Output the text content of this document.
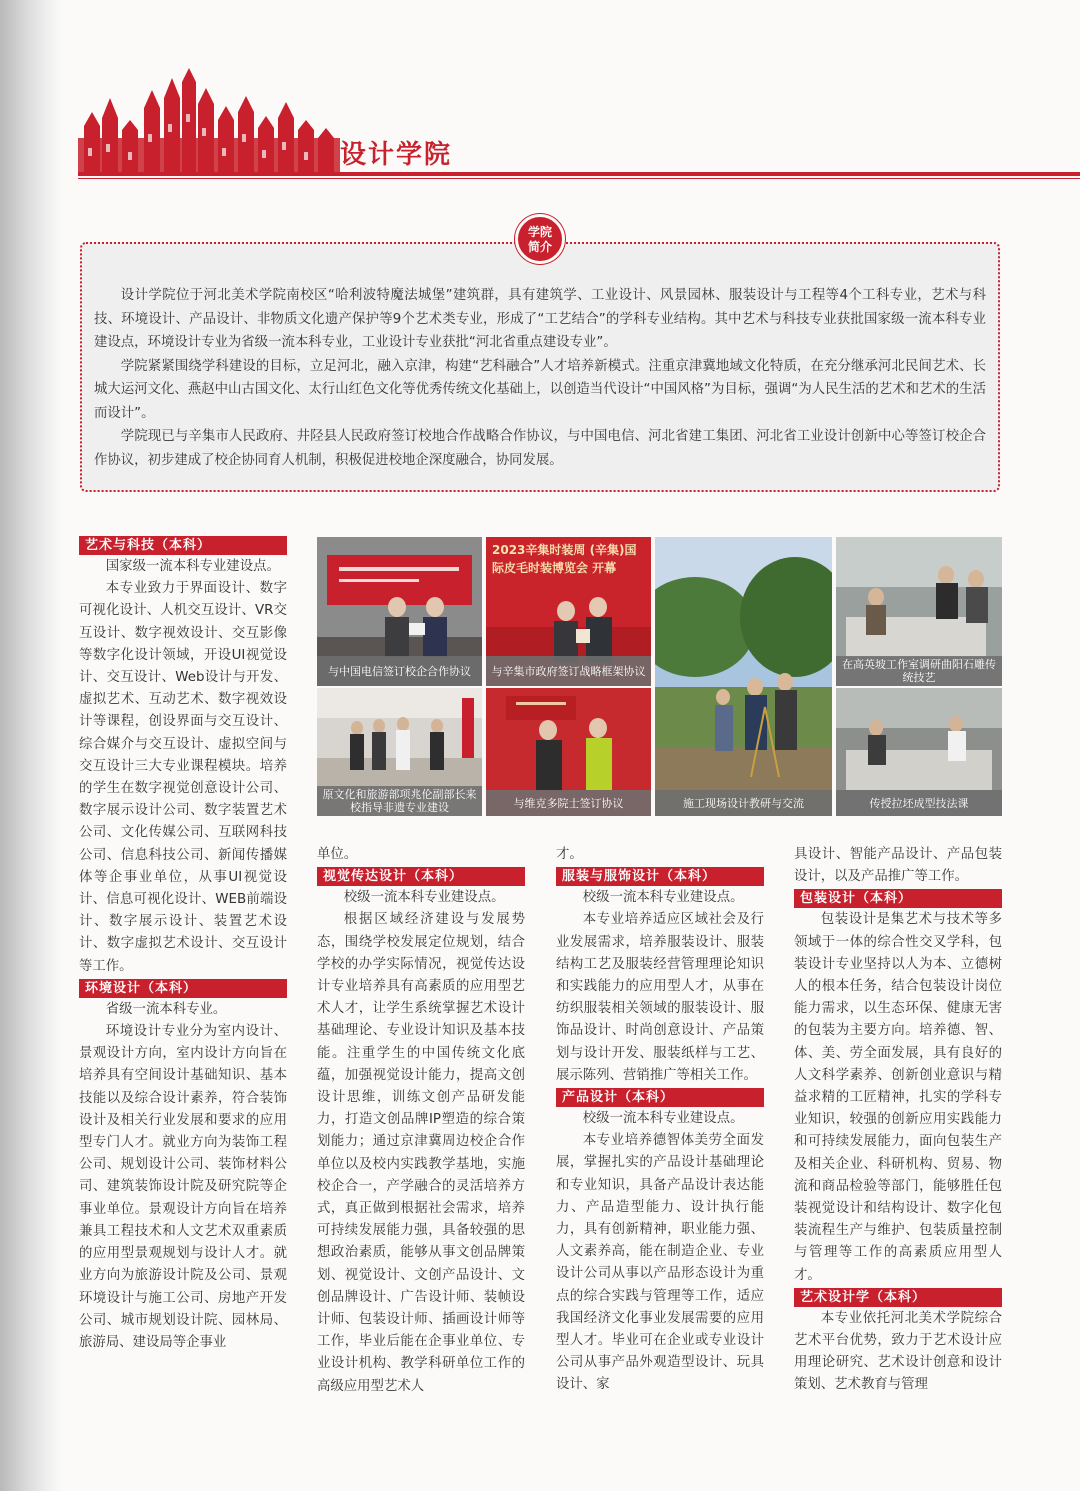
设计学院
学院
简介

设计学院位于河北美术学院南校区“哈利波特魔法城堡”建筑群，具有建筑学、工业设计、风景园林、服装设计与工程等4个工科专业，艺术与科技、环境设计、产品设计、非物质文化遗产保护等9个艺术类专业，形成了“工艺结合”的学科专业结构。其中艺术与科技专业获批国家级一流本科专业建设点，环境设计专业为省级一流本科专业，工业设计专业获批“河北省重点建设专业”。

学院紧紧围绕学科建设的目标，立足河北，融入京津，构建“艺科融合”人才培养新模式。注重京津冀地域文化特质，在充分继承河北民间艺术、长城大运河文化、燕赵中山古国文化、太行山红色文化等优秀传统文化基础上，以创造当代设计“中国风格”为目标，强调“为人民生活的艺术和艺术的生活而设计”。

学院现已与辛集市人民政府、井陉县人民政府签订校地合作战略合作协议，与中国电信、河北省建工集团、河北省工业设计创新中心等签订校企合作协议，初步建成了校企协同育人机制，积极促进校地企深度融合，协同发展。

与中国电信签订校企合作协议
2023辛集时装周 (辛集)国际皮毛时装博览会 开幕
与辛集市政府签订战略框架协议
施工现场设计教研与交流
在高英坡工作室调研曲阳石雕传统技艺
原文化和旅游部项兆伦副部长来校指导非遗专业建设	与维克多院士签订协议	传授拉坯成型技法课
艺术与科技（本科）

国家级一流本科专业建设点。

本专业致力于界面设计、数字可视化设计、人机交互设计、VR交互设计、数字视效设计、交互影像等数字化设计领域，开设UI视觉设计、交互设计、Web设计与开发、虚拟艺术、互动艺术、数字视效设计等课程，创设界面与交互设计、综合媒介与交互设计、虚拟空间与交互设计三大专业课程模块。培养的学生在数字视觉创意设计公司、数字展示设计公司、数字装置艺术公司、文化传媒公司、互联网科技公司、信息科技公司、新闻传播媒体等企事业单位，从事UI视觉设计、信息可视化设计、WEB前端设计、数字展示设计、装置艺术设计、数字虚拟艺术设计、交互设计等工作。

环境设计（本科）

省级一流本科专业。

环境设计专业分为室内设计、景观设计方向，室内设计方向旨在培养具有空间设计基础知识、基本技能以及综合设计素养，符合装饰设计及相关行业发展和要求的应用型专门人才。就业方向为装饰工程公司、规划设计公司、装饰材料公司、建筑装饰设计院及研究院等企事业单位。景观设计方向旨在培养兼具工程技术和人文艺术双重素质的应用型景观规划与设计人才。就业方向为旅游设计院及公司、景观环境设计与施工公司、房地产开发公司、城市规划设计院、园林局、旅游局、建设局等企事业

单位。

视觉传达设计（本科）

校级一流本科专业建设点。

根据区域经济建设与发展势态，围绕学校发展定位规划，结合学校的办学实际情况，视觉传达设计专业培养具有高素质的应用型艺术人才，让学生系统掌握艺术设计基础理论、专业设计知识及基本技能。注重学生的中国传统文化底蕴，加强视觉设计能力，提高文创设计思维，训练文创产品研发能力，打造文创品牌IP塑造的综合策划能力；通过京津冀周边校企合作单位以及校内实践教学基地，实施校企合一，产学融合的灵活培养方式，真正做到根据社会需求，培养可持续发展能力强，具备较强的思想政治素质，能够从事文创品牌策划、视觉设计、文创产品设计、文创品牌设计、广告设计师、装帧设计师、包装设计师、插画设计师等工作，毕业后能在企事业单位、专业设计机构、教学科研单位工作的高级应用型艺术人

才。

服装与服饰设计（本科）

校级一流本科专业建设点。

本专业培养适应区域社会及行业发展需求，培养服装设计、服装结构工艺及服装经营管理理论知识和实践能力的应用型人才，从事在纺织服装相关领域的服装设计、服饰品设计、时尚创意设计、产品策划与设计开发、服装纸样与工艺、展示陈列、营销推广等相关工作。

产品设计（本科）

校级一流本科专业建设点。

本专业培养德智体美劳全面发展，掌握扎实的产品设计基础理论和专业知识，具备产品设计表达能力、产品造型能力、设计执行能力，具有创新精神，职业能力强、人文素养高，能在制造企业、专业设计公司从事以产品形态设计为重点的综合实践与管理等工作，适应我国经济文化事业发展需要的应用型人才。毕业可在企业或专业设计公司从事产品外观造型设计、玩具设计、家

具设计、智能产品设计、产品包装设计，以及产品推广等工作。

包装设计（本科）

包装设计是集艺术与技术等多领域于一体的综合性交叉学科，包装设计专业坚持以人为本、立德树人的根本任务，结合包装设计岗位能力需求，以生态环保、健康无害的包装为主要方向。培养德、智、体、美、劳全面发展，具有良好的人文科学素养、创新创业意识与精益求精的工匠精神，扎实的学科专业知识，较强的创新应用实践能力和可持续发展能力，面向包装生产及相关企业、科研机构、贸易、物流和商品检验等部门，能够胜任包装视觉设计和结构设计、数字化包装流程生产与维护、包装质量控制与管理等工作的高素质应用型人才。

艺术设计学（本科）

本专业依托河北美术学院综合艺术平台优势，致力于艺术设计应用理论研究、艺术设计创意和设计策划、艺术教育与管理
